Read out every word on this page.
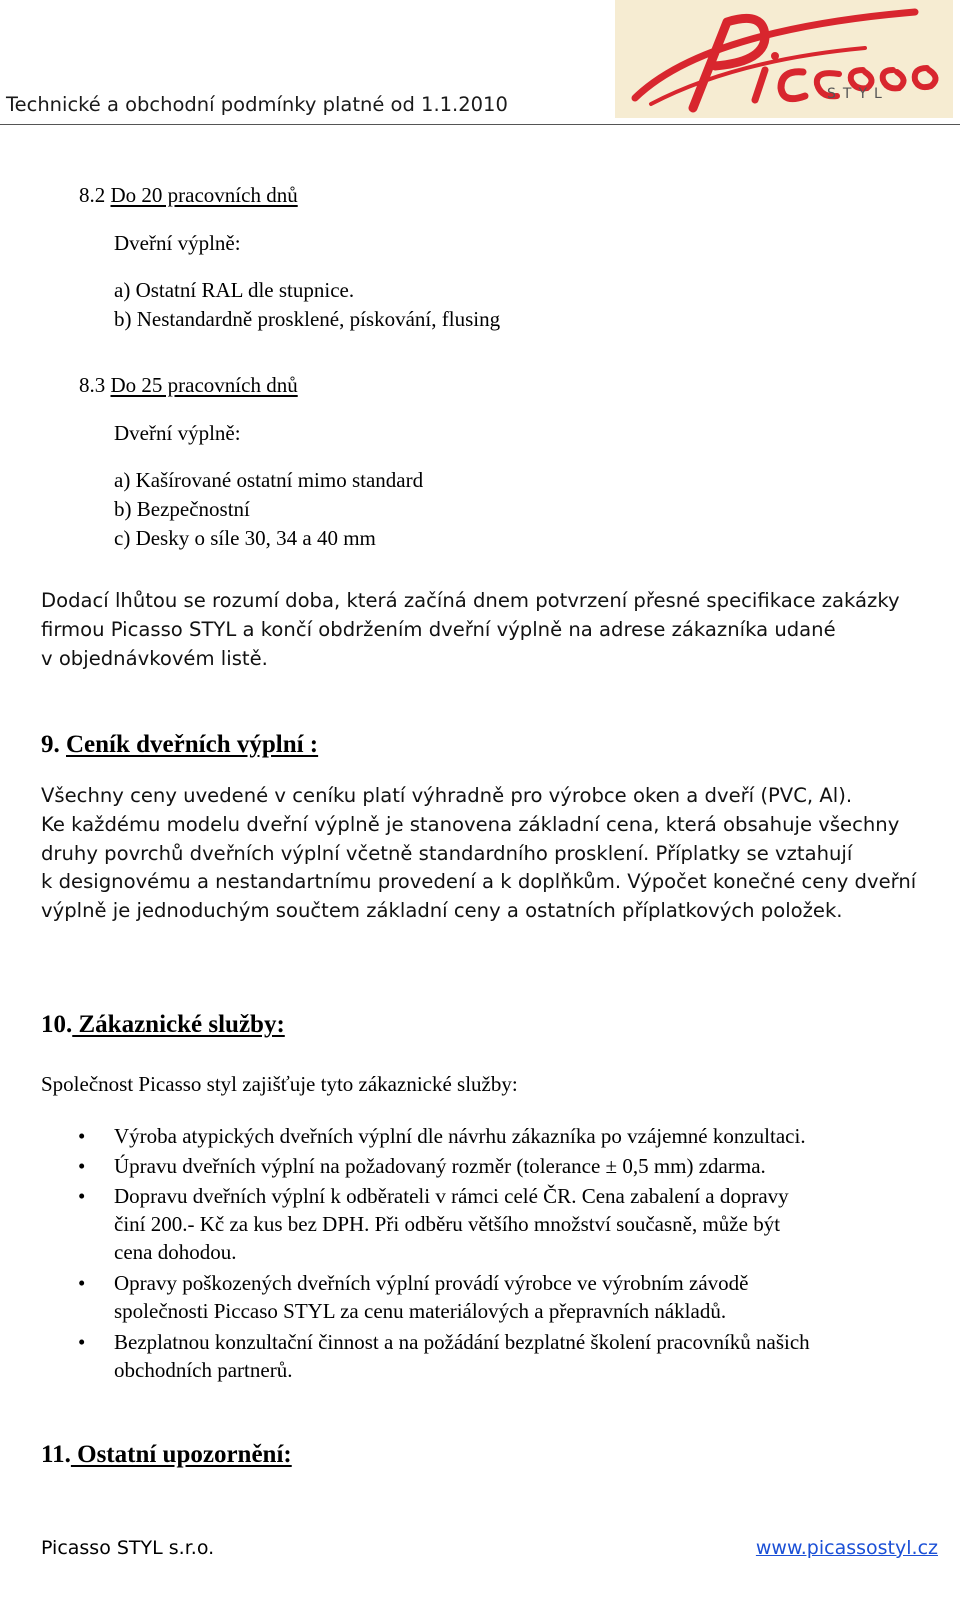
Technické a obchodní podmínky platné od 1.1.2010	STYL
8.2 Do 20 pracovních dnů
Dveřní výplně:
a) Ostatní RAL dle stupnice.
b) Nestandardně prosklené, pískování, flusing
8.3 Do 25 pracovních dnů
Dveřní výplně:
a) Kašírované ostatní mimo standard
b) Bezpečnostní
c) Desky o síle 30, 34 a 40 mm
Dodací lhůtou se rozumí doba, která začíná dnem potvrzení přesné specifikace zakázky
firmou Picasso STYL a končí obdržením dveřní výplně na adrese zákazníka udané
v objednávkovém listě.
9. Ceník dveřních výplní :
Všechny ceny uvedené v ceníku platí výhradně pro výrobce oken a dveří (PVC, Al).
Ke každému modelu dveřní výplně je stanovena základní cena, která obsahuje všechny
druhy povrchů dveřních výplní včetně standardního prosklení. Příplatky se vztahují
k designovému a nestandartnímu provedení a k doplňkům. Výpočet konečné ceny dveřní
výplně je jednoduchým součtem základní ceny a ostatních příplatkových položek.
10. Zákaznické služby:
Společnost Picasso styl zajišťuje tyto zákaznické služby:
• Výroba atypických dveřních výplní dle návrhu zákazníka po vzájemné konzultaci.
• Úpravu dveřních výplní na požadovaný rozměr (tolerance ± 0,5 mm) zdarma.
• Dopravu dveřních výplní k odběrateli v rámci celé ČR. Cena zabalení a dopravy
činí 200.- Kč za kus bez DPH. Při odběru většího množství současně, může být
cena dohodou.
• Opravy poškozených dveřních výplní provádí výrobce ve výrobním závodě
společnosti Piccaso STYL za cenu materiálových a přepravních nákladů.
• Bezplatnou konzultační činnost a na požádání bezplatné školení pracovníků našich
obchodních partnerů.
11. Ostatní upozornění:
Picasso STYL s.r.o.	www.picassostyl.cz
